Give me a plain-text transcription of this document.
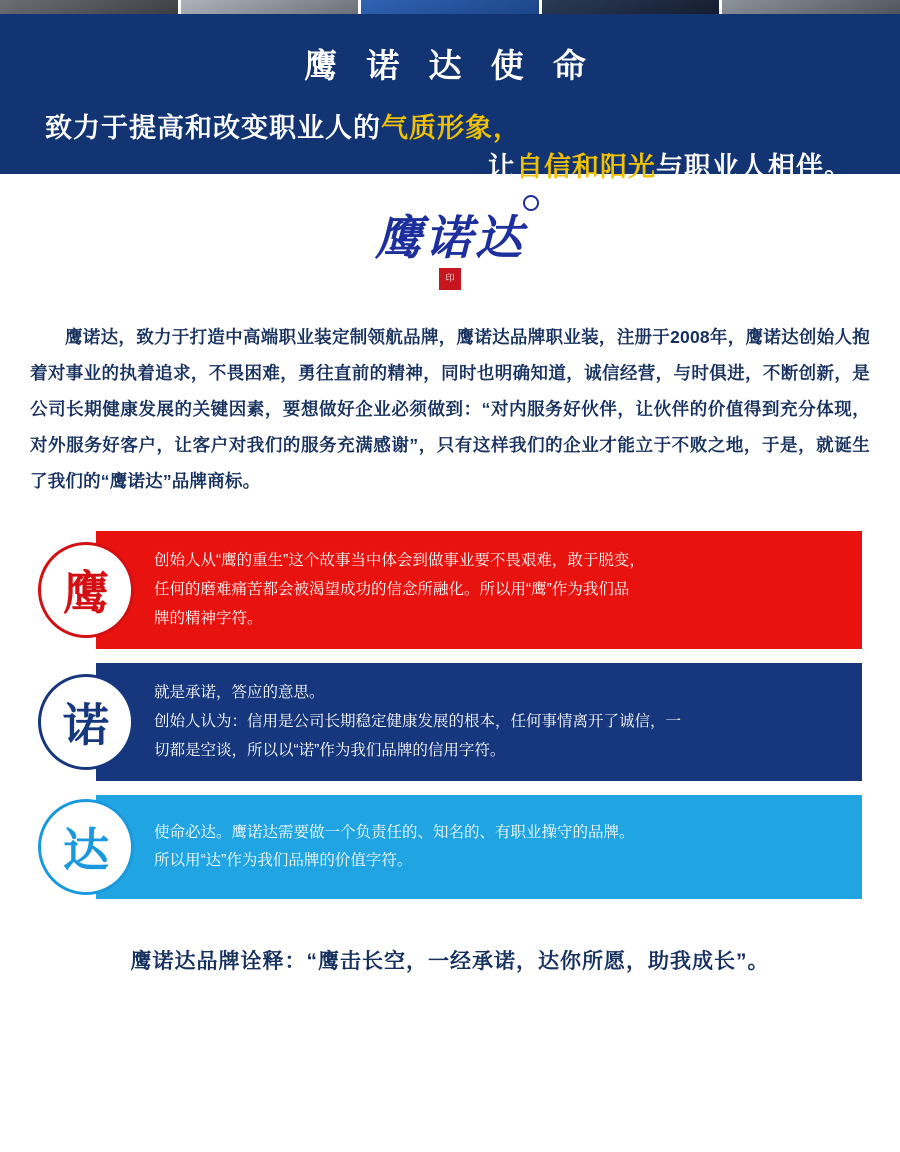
鹰 诺 达 使 命
致力于提高和改变职业人的气质形象，
让自信和阳光与职业人相伴。
鹰诺达
印
鹰诺达，致力于打造中高端职业装定制领航品牌，鹰诺达品牌职业装，注册于2008年，鹰诺达创始人抱着对事业的执着追求，不畏困难，勇往直前的精神，同时也明确知道，诚信经营，与时俱进，不断创新，是公司长期健康发展的关键因素，要想做好企业必须做到：“对内服务好伙伴，让伙伴的价值得到充分体现，对外服务好客户，让客户对我们的服务充满感谢”，只有这样我们的企业才能立于不败之地，于是，就诞生了我们的“鹰诺达”品牌商标。
鹰

创始人从“鹰的重生”这个故事当中体会到做事业要不畏艰难，敢于脱变，

任何的磨难痛苦都会被渴望成功的信念所融化。所以用“鹰”作为我们品

牌的精神字符。

诺

就是承诺，答应的意思。

创始人认为：信用是公司长期稳定健康发展的根本，任何事情离开了诚信，一

切都是空谈，所以以“诺”作为我们品牌的信用字符。

达	使命必达。鹰诺达需要做一个负责任的、知名的、有职业操守的品牌。

所以用“达”作为我们品牌的价值字符。

鹰诺达品牌诠释：“鹰击长空，一经承诺，达你所愿，助我成长”。
